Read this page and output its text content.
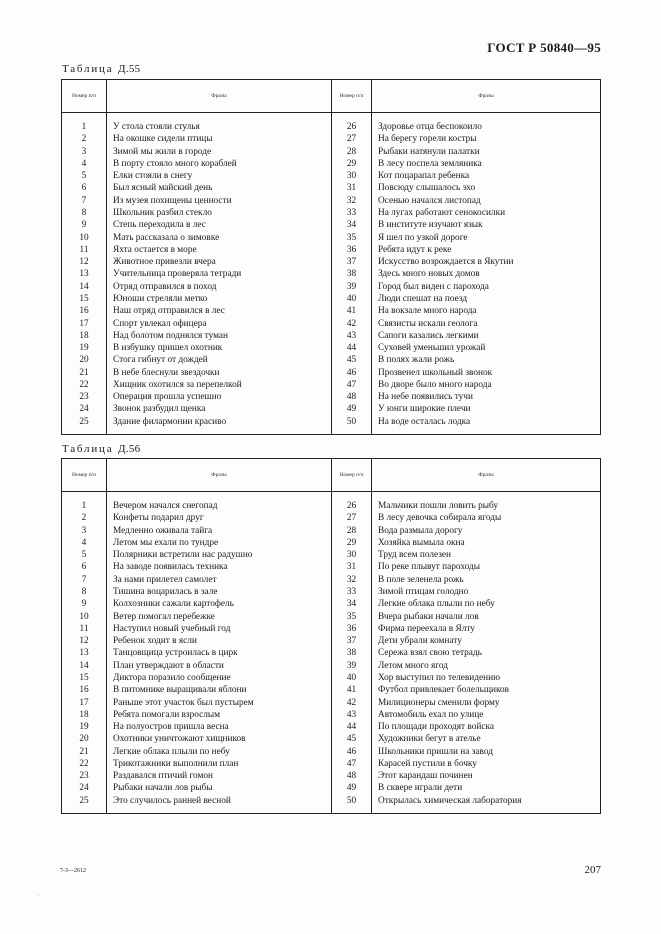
ГОСТ Р 50840—95
Таблица Д.55
Номер п/п	Фразы	Номер п/п	Фразы

1	У стола стояли стулья	26	Здоровье отца беспокоило
2	На окошке сидели птицы	27	На берегу горели костры
3	Зимой мы жили в городе	28	Рыбаки натянули палатки
4	В порту стояло много кораблей	29	В лесу поспела земляника
5	Елки стояли в снегу	30	Кот поцарапал ребенка
6	Был ясный майский день	31	Повсюду слышалось эхо
7	Из музея похищены ценности	32	Осенью начался листопад
8	Школьник разбил стекло	33	На лугах работают сенокосилки
9	Степь переходила в лес	34	В институте изучают язык
10	Мать рассказала о зимовке	35	Я шел по узкой дороге
11	Яхта остается в море	36	Ребята идут к реке
12	Животное привезли вчера	37	Искусство возрождается в Якутии
13	Учительница проверяла тетради	38	Здесь много новых домов
14	Отряд отправился в поход	39	Город был виден с парохода
15	Юноши стреляли метко	40	Люди спешат на поезд
16	Наш отряд отправился в лес	41	На вокзале много народа
17	Спорт увлекал офицера	42	Связисты искали геолога
18	Над болотом поднялся туман	43	Сапоги казались легкими
19	В избушку пришел охотник	44	Суховей уменьшил урожай
20	Стога гибнут от дождей	45	В полях жали рожь
21	В небе блеснули звездочки	46	Прозвенел школьный звонок
22	Хищник охотился за перепелкой	47	Во дворе было много народа
23	Операция прошла успешно	48	На небе появились тучи
24	Звонок разбудил щенка	49	У юнги широкие плечи
25	Здание филармонии красиво	50	На воде осталась лодка

Таблица Д.56
Номер п/п	Фразы	Номер п/п	Фразы

1	Вечером начался снегопад	26	Мальчики пошли ловить рыбу
2	Конфеты подарил друг	27	В лесу девочка собирала ягоды
3	Медленно оживала тайга	28	Вода размыла дорогу
4	Летом мы ехали по тундре	29	Хозяйка вымыла окна
5	Полярники встретили нас радушно	30	Труд всем полезен
6	На заводе появилась техника	31	По реке плывут пароходы
7	За нами прилетел самолет	32	В поле зеленела рожь
8	Тишина воцарилась в зале	33	Зимой птицам голодно
9	Колхозники сажали картофель	34	Легкие облака плыли по небу
10	Ветер помогал перебежке	35	Вчера рыбаки начали лов
11	Наступил новый учебный год	36	Фирма переехала в Ялту
12	Ребенок ходит в ясли	37	Дети убрали комнату
13	Танцовщица устроилась в цирк	38	Сережа взял свою тетрадь
14	План утверждают в области	39	Летом много ягод
15	Диктора поразило сообщение	40	Хор выступил по телевидению
16	В питомнике выращивали яблони	41	Футбол привлекает болельщиков
17	Раньше этот участок был пустырем	42	Милиционеры сменили форму
18	Ребята помогали взрослым	43	Автомобиль ехал по улице
19	На полуостров пришла весна	44	По площади проходят войска
20	Охотники уничтожают хищников	45	Художники бегут в ателье
21	Легкие облака плыли по небу	46	Школьники пришли на завод
22	Трикотажники выполнили план	47	Карасей пустили в бочку
23	Раздавался птичий гомон	48	Этот карандаш починен
24	Рыбаки начали лов рыбы	49	В сквере играли дети
25	Это случилось ранней весной	50	Открылась химическая лаборатория

7-3—2612	207
·
